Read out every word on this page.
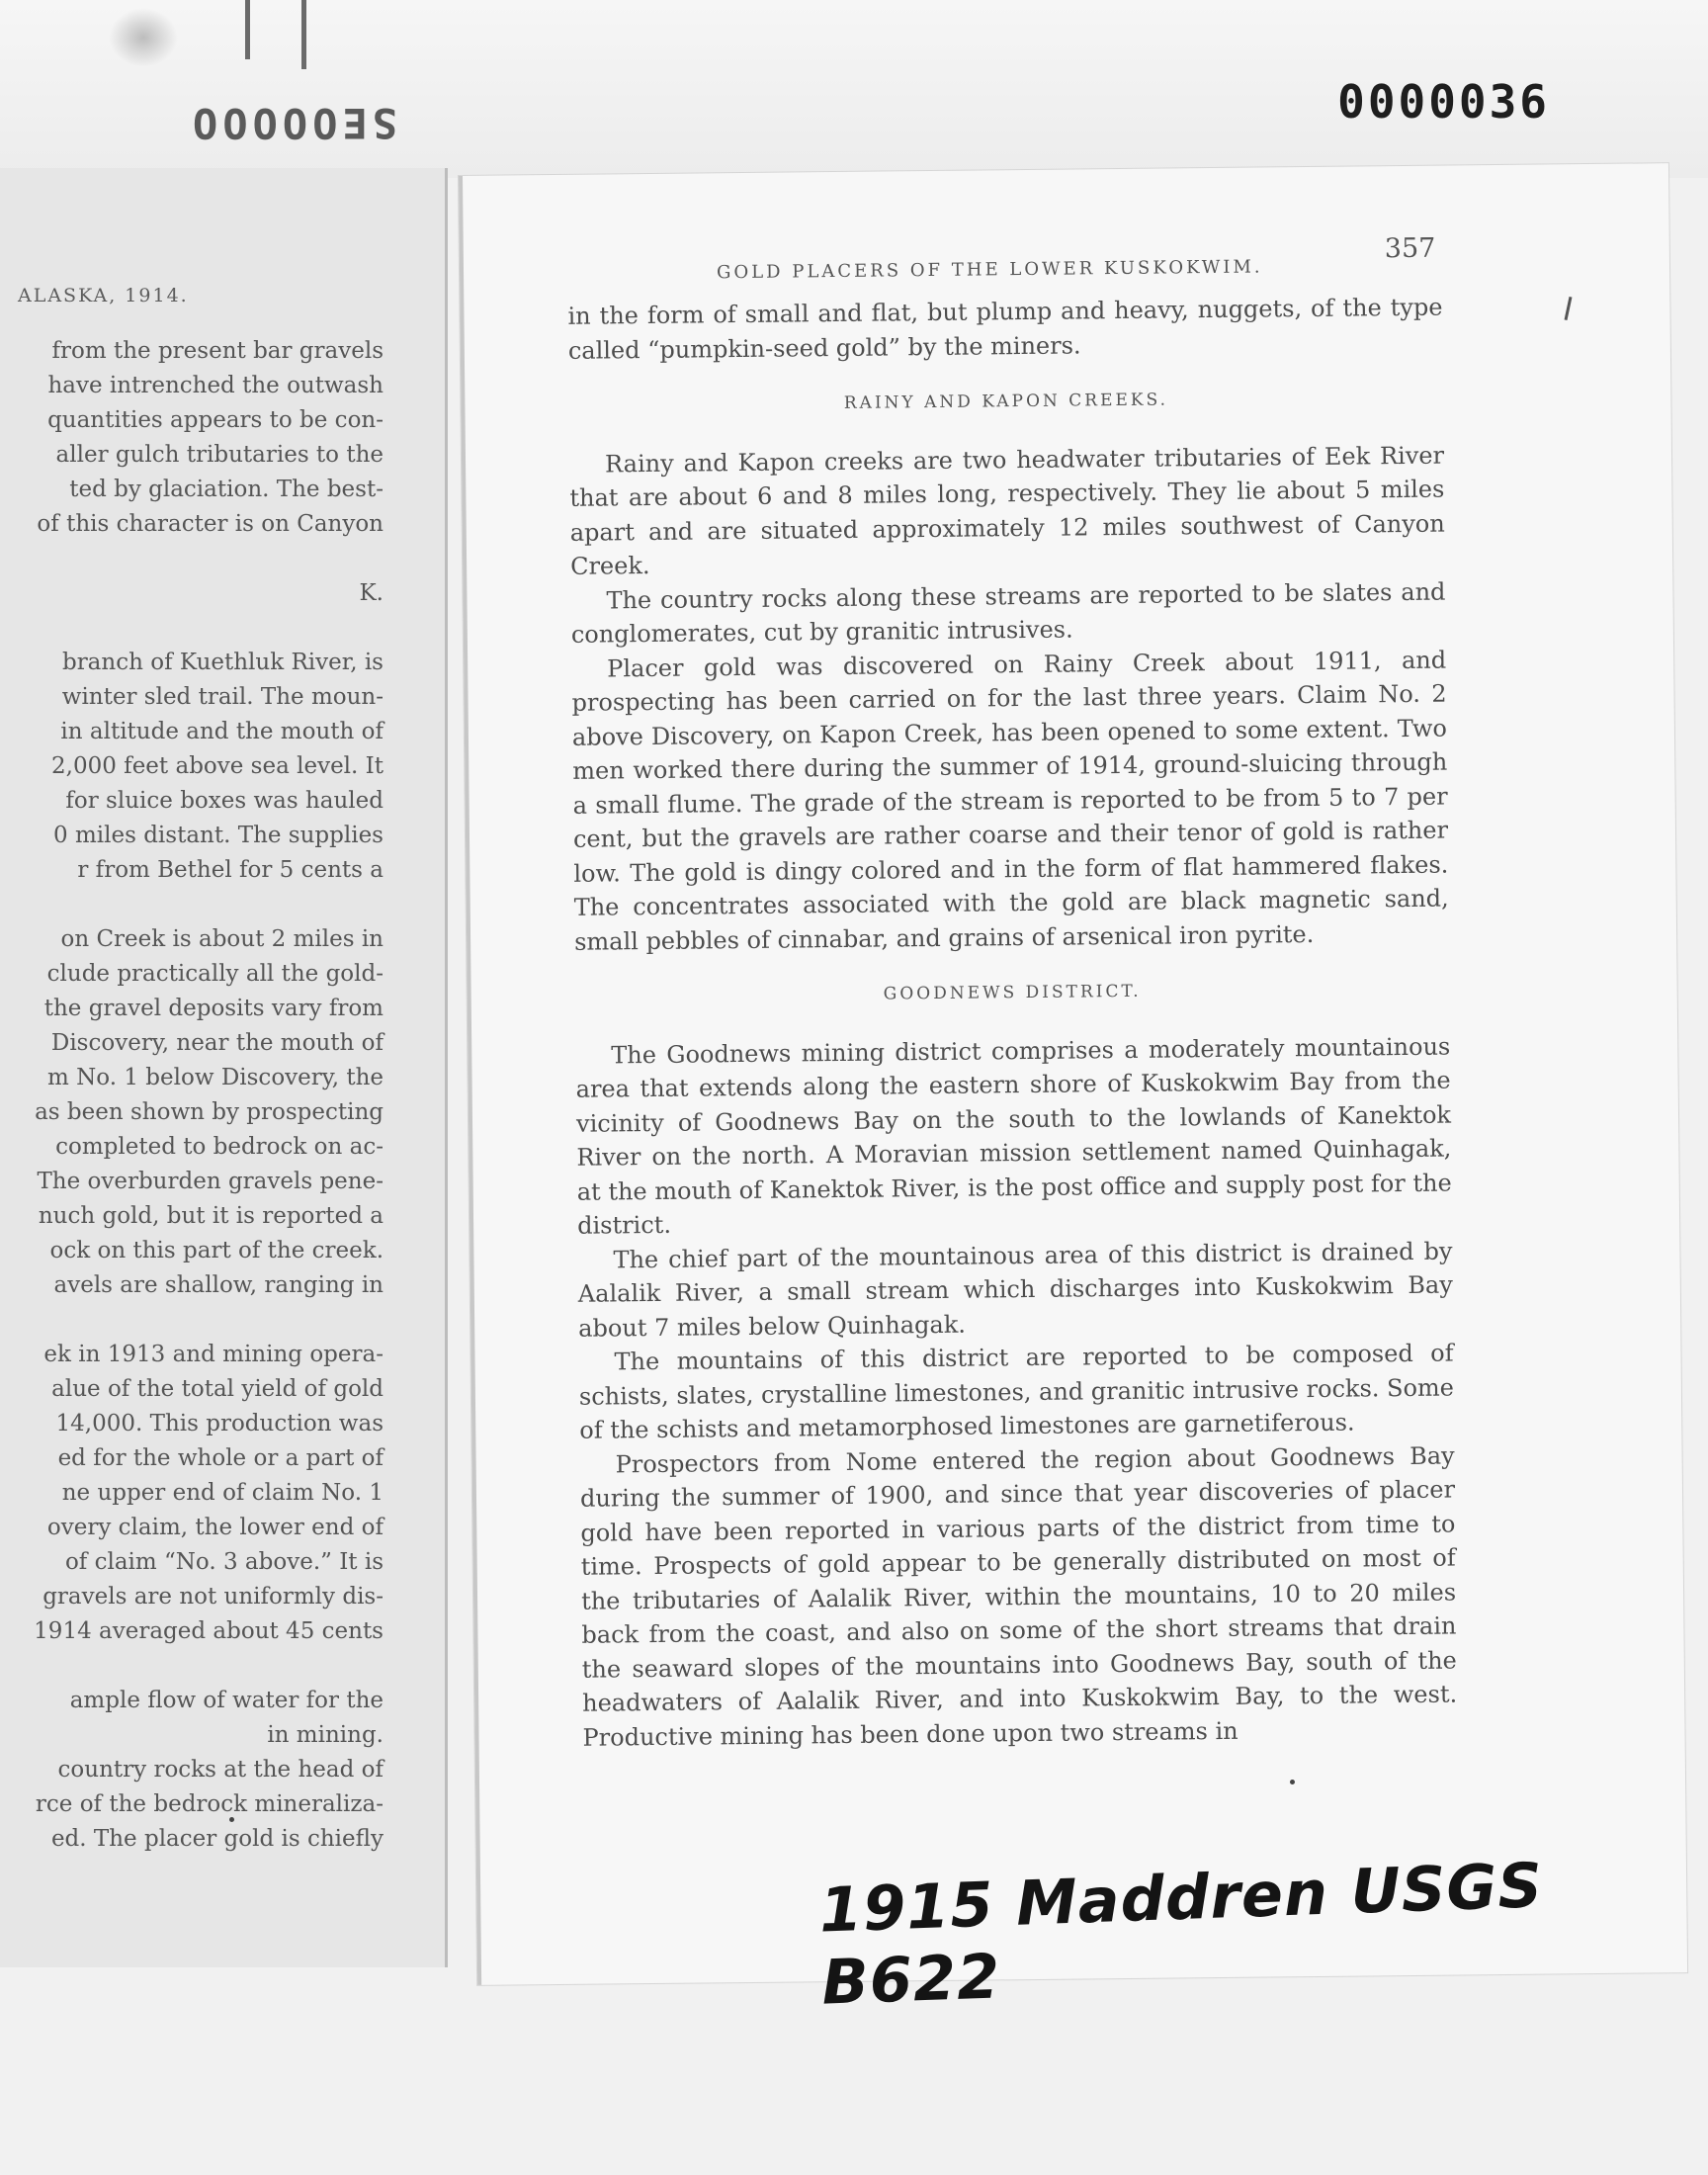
SEOOOOO	0000036
ALASKA, 1914.
from the present bar gravels
have intrenched the outwash
quantities appears to be con-
aller gulch tributaries to the
ted by glaciation. The best-
of this character is on Canyon
K.
branch of Kuethluk River, is
winter sled trail. The moun-
in altitude and the mouth of
2,000 feet above sea level. It
for sluice boxes was hauled
0 miles distant. The supplies
r from Bethel for 5 cents a
on Creek is about 2 miles in
clude practically all the gold-
the gravel deposits vary from
Discovery, near the mouth of
m No. 1 below Discovery, the
as been shown by prospecting
completed to bedrock on ac-
The overburden gravels pene-
nuch gold, but it is reported a
ock on this part of the creek.
avels are shallow, ranging in
ek in 1913 and mining opera-
alue of the total yield of gold
14,000. This production was
ed for the whole or a part of
ne upper end of claim No. 1
overy claim, the lower end of
of claim “No. 3 above.” It is
gravels are not uniformly dis-
1914 averaged about 45 cents
ample flow of water for the
in mining.
country rocks at the head of
rce of the bedrock mineraliza-
ed. The placer gold is chiefly
GOLD PLACERS OF THE LOWER KUSKOKWIM.
357

in the form of small and flat, but plump and heavy, nuggets, of the type called “pumpkin-seed gold” by the miners.

RAINY AND KAPON CREEKS.

Rainy and Kapon creeks are two headwater tributaries of Eek River that are about 6 and 8 miles long, respectively. They lie about 5 miles apart and are situated approximately 12 miles southwest of Canyon Creek.

The country rocks along these streams are reported to be slates and conglomerates, cut by granitic intrusives.

Placer gold was discovered on Rainy Creek about 1911, and prospecting has been carried on for the last three years. Claim No. 2 above Discovery, on Kapon Creek, has been opened to some extent. Two men worked there during the summer of 1914, ground-sluicing through a small flume. The grade of the stream is reported to be from 5 to 7 per cent, but the gravels are rather coarse and their tenor of gold is rather low. The gold is dingy colored and in the form of flat hammered flakes. The concentrates associated with the gold are black magnetic sand, small pebbles of cinnabar, and grains of arsenical iron pyrite.

GOODNEWS DISTRICT.

The Goodnews mining district comprises a moderately mountainous area that extends along the eastern shore of Kuskokwim Bay from the vicinity of Goodnews Bay on the south to the lowlands of Kanektok River on the north. A Moravian mission settlement named Quinhagak, at the mouth of Kanektok River, is the post office and supply post for the district.

The chief part of the mountainous area of this district is drained by Aalalik River, a small stream which discharges into Kuskokwim Bay about 7 miles below Quinhagak.

The mountains of this district are reported to be composed of schists, slates, crystalline limestones, and granitic intrusive rocks. Some of the schists and metamorphosed limestones are garnetiferous.

Prospectors from Nome entered the region about Goodnews Bay during the summer of 1900, and since that year discoveries of placer gold have been reported in various parts of the district from time to time. Prospects of gold appear to be generally distributed on most of the tributaries of Aalalik River, within the mountains, 10 to 20 miles back from the coast, and also on some of the short streams that drain the seaward slopes of the mountains into Goodnews Bay, south of the headwaters of Aalalik River, and into Kuskokwim Bay, to the west. Productive mining has been done upon two streams in

1915 Maddren USGS B622
